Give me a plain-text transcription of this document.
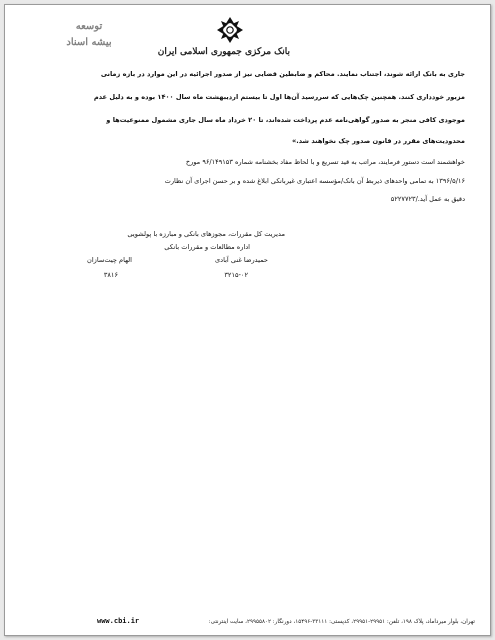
بانک مرکزی جمهوری اسلامی ایران
توسعه
بیشه اسناد
جاری به بانک ارائه شوند، اجتناب نمایند. محاکم و ضابطین قضایی نیز از صدور اجرائیه در این موارد در بازه زمانی
مزبور خودداری کنند. همچنین چک‌هایی که سررسید آن‌ها اول تا بیستم اردیبهشت ماه سال ۱۴۰۰ بوده و به دلیل عدم
موجودی کافی منجر به صدور گواهی‌نامه عدم پرداخت شده‌اند، تا ۲۰ خرداد ماه سال جاری مشمول ممنوعیت‌ها و
محدودیت‌های مقرر در قانون صدور چک نخواهند شد.»
خواهشمند است دستور فرمایند، مراتب به قید تسریع و با لحاظ مفاد بخشنامه شماره ۹۶/۱۴۹۱۵۳ مورخ
۱۳۹۶/۵/۱۶ به تمامی واحدهای ذیربط آن بانک/مؤسسه اعتباری غیربانکی ابلاغ شده و بر حسن اجرای آن نظارت
دقیق به عمل آید./۵۲۲۷۷۲۳
مدیریت کل مقررات، مجوزهای بانکی و مبارزه با پولشویی
اداره مطالعات و مقررات بانکی
حمیدرضا غنی آبادی
الهام چیت‌سازان
۳۲۱۵-۰۲
۳۸۱۶
تهران، بلوار میرداماد، پلاک ۱۹۸، تلفن: ۲۹۹۵۱-۲۹۹۵۱، کدپستی: ۳۳۱۱۱-۱۵۴۹۶، دورنگار: ۲۹۹۵۵۸۰۲، سایت اینترنتی:
www.cbi.ir
